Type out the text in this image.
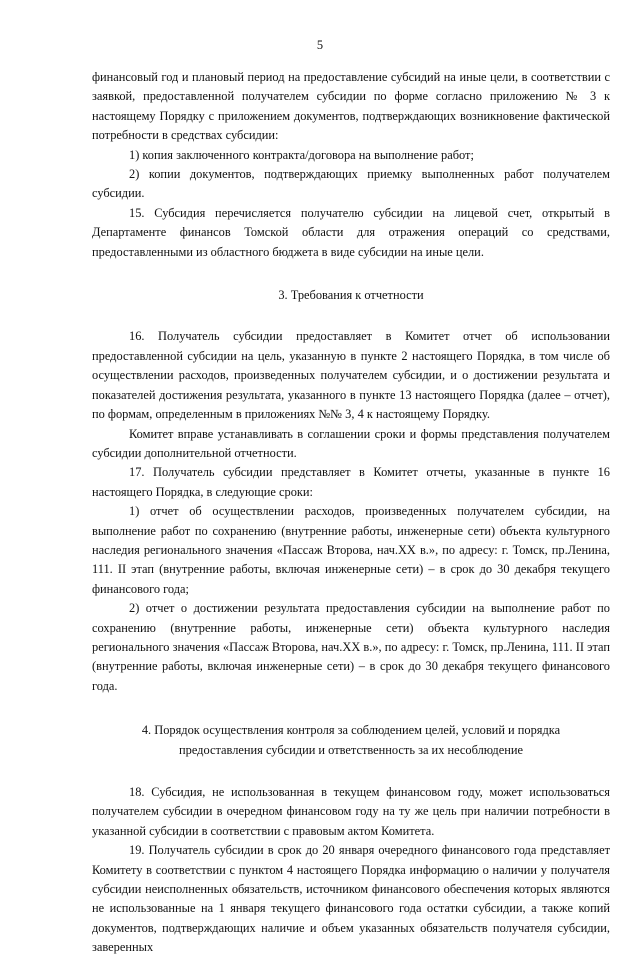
5

финансовый год и плановый период на предоставление субсидий на иные цели, в соответствии с заявкой, предоставленной получателем субсидии по форме согласно приложению № 3 к настоящему Порядку с приложением документов, подтверждающих возникновение фактической потребности в средствах субсидии:

1) копия заключенного контракта/договора на выполнение работ;

2) копии документов, подтверждающих приемку выполненных работ получателем субсидии.

15. Субсидия перечисляется получателю субсидии на лицевой счет, открытый в Департаменте финансов Томской области для отражения операций со средствами, предоставленными из областного бюджета в виде субсидии на иные цели.

3. Требования к отчетности

16. Получатель субсидии предоставляет в Комитет отчет об использовании предоставленной субсидии на цель, указанную в пункте 2 настоящего Порядка, в том числе об осуществлении расходов, произведенных получателем субсидии, и о достижении результата и показателей достижения результата, указанного в пункте 13 настоящего Порядка (далее – отчет), по формам, определенным в приложениях №№ 3, 4 к настоящему Порядку.

Комитет вправе устанавливать в соглашении сроки и формы представления получателем субсидии дополнительной отчетности.

17. Получатель субсидии представляет в Комитет отчеты, указанные в пункте 16 настоящего Порядка, в следующие сроки:

1) отчет об осуществлении расходов, произведенных получателем субсидии, на выполнение работ по сохранению (внутренние работы, инженерные сети) объекта культурного наследия регионального значения «Пассаж Второва, нач.XX в.», по адресу: г. Томск, пр.Ленина, 111. II этап (внутренние работы, включая инженерные сети) – в срок до 30 декабря текущего финансового года;

2) отчет о достижении результата предоставления субсидии на выполнение работ по сохранению (внутренние работы, инженерные сети) объекта культурного наследия регионального значения «Пассаж Второва, нач.XX в.», по адресу: г. Томск, пр.Ленина, 111. II этап (внутренние работы, включая инженерные сети) – в срок до 30 декабря текущего финансового года.

4. Порядок осуществления контроля за соблюдением целей, условий и порядка
предоставления субсидии и ответственность за их несоблюдение

18. Субсидия, не использованная в текущем финансовом году, может использоваться получателем субсидии в очередном финансовом году на ту же цель при наличии потребности в указанной субсидии в соответствии с правовым актом Комитета.

19. Получатель субсидии в срок до 20 января очередного финансового года представляет Комитету в соответствии с пунктом 4 настоящего Порядка информацию о наличии у получателя субсидии неисполненных обязательств, источником финансового обеспечения которых являются не использованные на 1 января текущего финансового года остатки субсидии, а также копий документов, подтверждающих наличие и объем указанных обязательств получателя субсидии, заверенных
